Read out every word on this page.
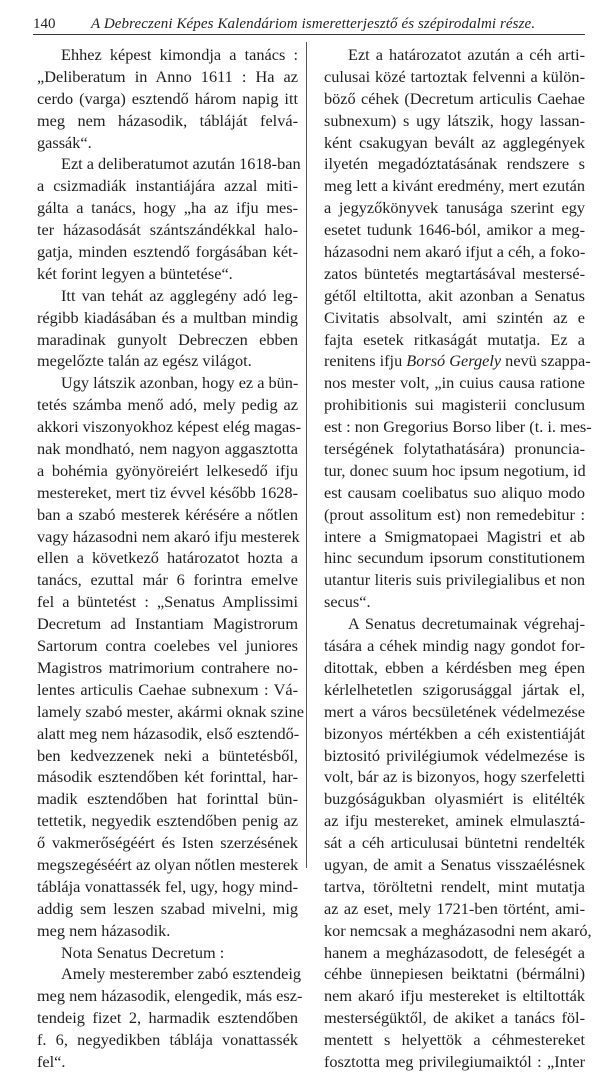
140 A Debreczeni Képes Kalendáriom ismeretterjesztő és szépirodalmi része.
Ehhez képest kimondja a tanács :
„Deliberatum in Anno 1611 : Ha az
cerdo (varga) esztendő három napig itt
meg nem házasodik, tábláját felvá-
gassák“.
Ezt a deliberatumot azután 1618-ban
a csizmadiák instantiájára azzal miti-
gálta a tanács, hogy „ha az ifju mes-
ter házasodását szántszándékkal halo-
gatja, minden esztendő forgásában két-
két forint legyen a büntetése“.
Itt van tehát az agglegény adó leg-
régibb kiadásában és a multban mindig
maradinak gunyolt Debreczen ebben
megelőzte talán az egész világot.
Ugy látszik azonban, hogy ez a bün-
tetés számba menő adó, mely pedig az
akkori viszonyokhoz képest elég magas-
nak mondható, nem nagyon aggasztotta
a bohémia gyönyöreiért lelkesedő ifju
mestereket, mert tiz évvel később 1628-
ban a szabó mesterek kérésére a nőtlen
vagy házasodni nem akaró ifju mesterek
ellen a következő határozatot hozta a
tanács, ezuttal már 6 forintra emelve
fel a büntetést : „Senatus Amplissimi
Decretum ad Instantiam Magistrorum
Sartorum contra coelebes vel juniores
Magistros matrimorium contrahere no-
lentes articulis Caehae subnexum : Vá-
lamely szabó mester, akármi oknak szine
alatt meg nem házasodik, első esztendő-
ben kedvezzenek neki a büntetésből,
második esztendőben két forinttal, har-
madik esztendőben hat forinttal bün-
tettetik, negyedik esztendőben penig az
ő vakmerőségéért és Isten szerzésének
megszegéséért az olyan nőtlen mesterek
táblája vonattassék fel, ugy, hogy mind-
addig sem leszen szabad mivelni, mig
meg nem házasodik.
Nota Senatus Decretum :
Amely mesterember zabó esztendeig
meg nem házasodik, elengedik, más esz-
tendeig fizet 2, harmadik esztendőben
f. 6, negyedikben táblája vonattassék
fel“.
Ezt a határozatot azután a céh arti-
culusai közé tartoztak felvenni a külön-
böző céhek (Decretum articulis Caehae
subnexum) s ugy látszik, hogy lassan-
ként csakugyan bevált az agglegények
ilyetén megadóztatásának rendszere s
meg lett a kivánt eredmény, mert ezután
a jegyzőkönyvek tanusága szerint egy
esetet tudunk 1646-ból, amikor a meg-
házasodni nem akaró ifjut a céh, a foko-
zatos büntetés megtartásával mestersé-
gétől eltiltotta, akit azonban a Senatus
Civitatis absolvalt, ami szintén az e
fajta esetek ritkaságát mutatja. Ez a
renitens ifju Borsó Gergely nevü szappa-
nos mester volt, „in cuius causa ratione
prohibitionis sui magisterii conclusum
est : non Gregorius Borso liber (t. i. mes-
terségének folytathatására) pronuncia-
tur, donec suum hoc ipsum negotium, id
est causam coelibatus suo aliquo modo
(prout assolitum est) non remedebitur :
intere a Smigmatopaei Magistri et ab
hinc secundum ipsorum constitutionem
utantur literis suis privilegialibus et non
secus“.
A Senatus decretumainak végrehaj-
tására a céhek mindig nagy gondot for-
ditottak, ebben a kérdésben meg épen
kérlelhetetlen szigorusággal jártak el,
mert a város becsületének védelmezése
bizonyos mértékben a céh existentiáját
biztositó privilégiumok védelmezése is
volt, bár az is bizonyos, hogy szerfeletti
buzgóságukban olyasmiért is elitélték
az ifju mestereket, aminek elmulasztá-
sát a céh articulusai büntetni rendelték
ugyan, de amit a Senatus visszaélésnek
tartva, töröltetni rendelt, mint mutatja
az az eset, mely 1721-ben történt, ami-
kor nemcsak a megházasodni nem akaró,
hanem a megházasodott, de feleségét a
céhbe ünnepiesen beiktatni (bérmálni)
nem akaró ifju mestereket is eltiltották
mesterségüktől, de akiket a tanács föl-
mentett s helyettök a céhmestereket
fosztotta meg privilegiumaiktól : „Inter
